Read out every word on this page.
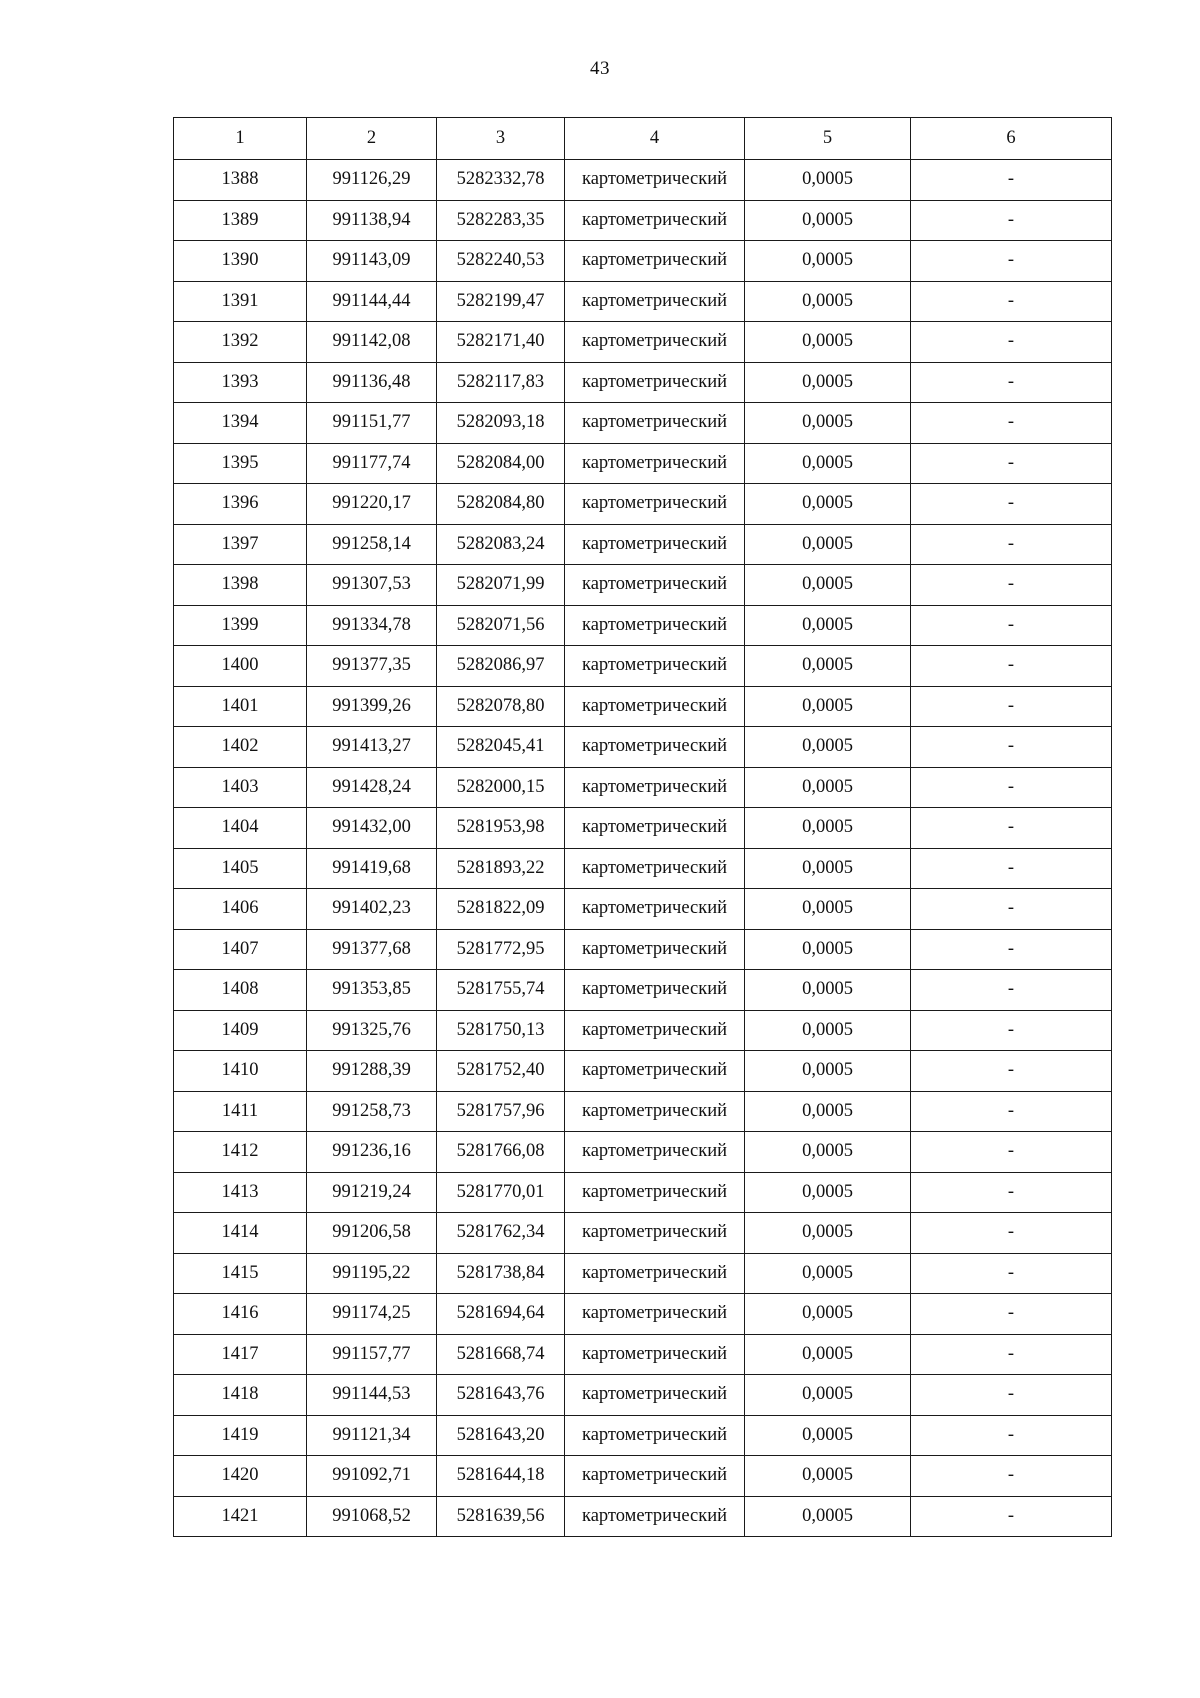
43
1	2	3	4	5	6
1388	991126,29	5282332,78	картометрический	0,0005	-
1389	991138,94	5282283,35	картометрический	0,0005	-
1390	991143,09	5282240,53	картометрический	0,0005	-
1391	991144,44	5282199,47	картометрический	0,0005	-
1392	991142,08	5282171,40	картометрический	0,0005	-
1393	991136,48	5282117,83	картометрический	0,0005	-
1394	991151,77	5282093,18	картометрический	0,0005	-
1395	991177,74	5282084,00	картометрический	0,0005	-
1396	991220,17	5282084,80	картометрический	0,0005	-
1397	991258,14	5282083,24	картометрический	0,0005	-
1398	991307,53	5282071,99	картометрический	0,0005	-
1399	991334,78	5282071,56	картометрический	0,0005	-
1400	991377,35	5282086,97	картометрический	0,0005	-
1401	991399,26	5282078,80	картометрический	0,0005	-
1402	991413,27	5282045,41	картометрический	0,0005	-
1403	991428,24	5282000,15	картометрический	0,0005	-
1404	991432,00	5281953,98	картометрический	0,0005	-
1405	991419,68	5281893,22	картометрический	0,0005	-
1406	991402,23	5281822,09	картометрический	0,0005	-
1407	991377,68	5281772,95	картометрический	0,0005	-
1408	991353,85	5281755,74	картометрический	0,0005	-
1409	991325,76	5281750,13	картометрический	0,0005	-
1410	991288,39	5281752,40	картометрический	0,0005	-
1411	991258,73	5281757,96	картометрический	0,0005	-
1412	991236,16	5281766,08	картометрический	0,0005	-
1413	991219,24	5281770,01	картометрический	0,0005	-
1414	991206,58	5281762,34	картометрический	0,0005	-
1415	991195,22	5281738,84	картометрический	0,0005	-
1416	991174,25	5281694,64	картометрический	0,0005	-
1417	991157,77	5281668,74	картометрический	0,0005	-
1418	991144,53	5281643,76	картометрический	0,0005	-
1419	991121,34	5281643,20	картометрический	0,0005	-
1420	991092,71	5281644,18	картометрический	0,0005	-
1421	991068,52	5281639,56	картометрический	0,0005	-
